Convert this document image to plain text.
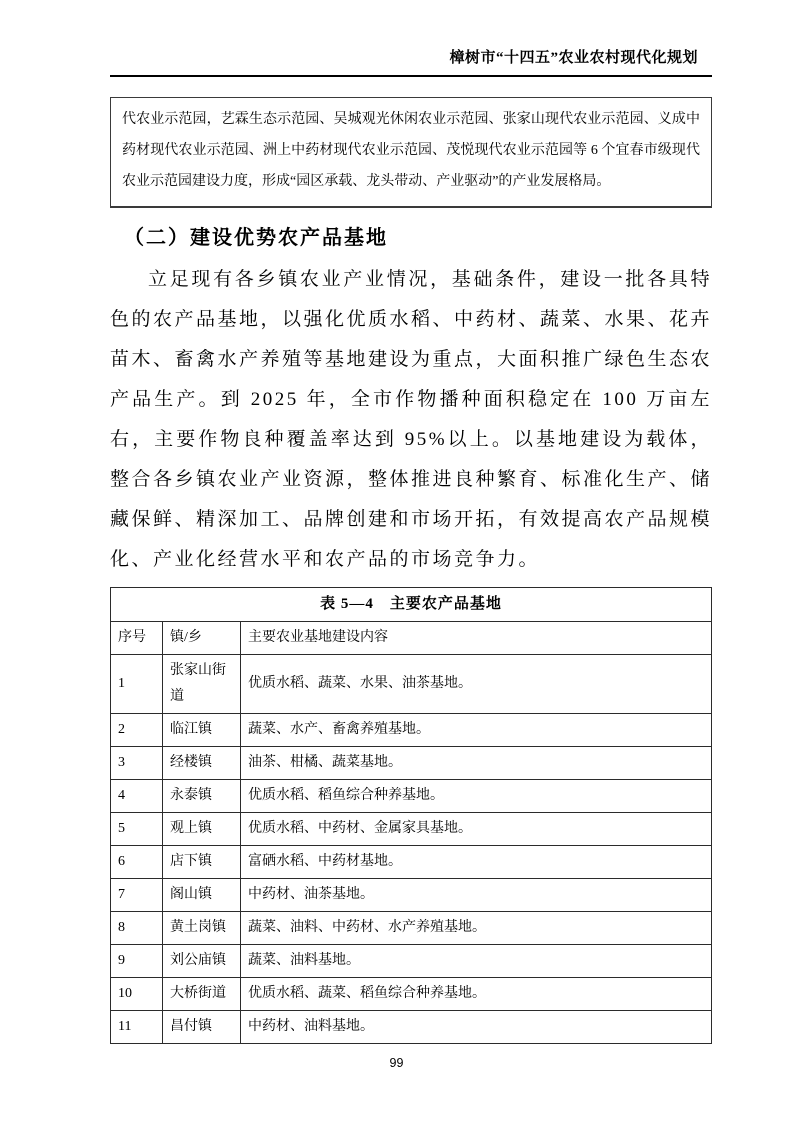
樟树市“十四五”农业农村现代化规划
代农业示范园，艺霖生态示范园、吴城观光休闲农业示范园、张家山现代农业示范园、义成中药材现代农业示范园、洲上中药材现代农业示范园、茂悦现代农业示范园等 6 个宜春市级现代农业示范园建设力度，形成“园区承载、龙头带动、产业驱动”的产业发展格局。
（二）建设优势农产品基地
立足现有各乡镇农业产业情况，基础条件，建设一批各具特色的农产品基地，以强化优质水稻、中药材、蔬菜、水果、花卉苗木、畜禽水产养殖等基地建设为重点，大面积推广绿色生态农产品生产。到 2025 年，全市作物播种面积稳定在 100 万亩左右，主要作物良种覆盖率达到 95%以上。以基地建设为载体，整合各乡镇农业产业资源，整体推进良种繁育、标准化生产、储藏保鲜、精深加工、品牌创建和市场开拓，有效提高农产品规模化、产业化经营水平和农产品的市场竞争力。
表 5—4　主要农产品基地		
序号	镇/乡	主要农业基地建设内容
1	张家山街道	优质水稻、蔬菜、水果、油茶基地。
2	临江镇	蔬菜、水产、畜禽养殖基地。
3	经楼镇	油茶、柑橘、蔬菜基地。
4	永泰镇	优质水稻、稻鱼综合种养基地。
5	观上镇	优质水稻、中药材、金属家具基地。
6	店下镇	富硒水稻、中药材基地。
7	阁山镇	中药材、油茶基地。
8	黄土岗镇	蔬菜、油料、中药材、水产养殖基地。
9	刘公庙镇	蔬菜、油料基地。
10	大桥街道	优质水稻、蔬菜、稻鱼综合种养基地。
11	昌付镇	中药材、油料基地。
99
